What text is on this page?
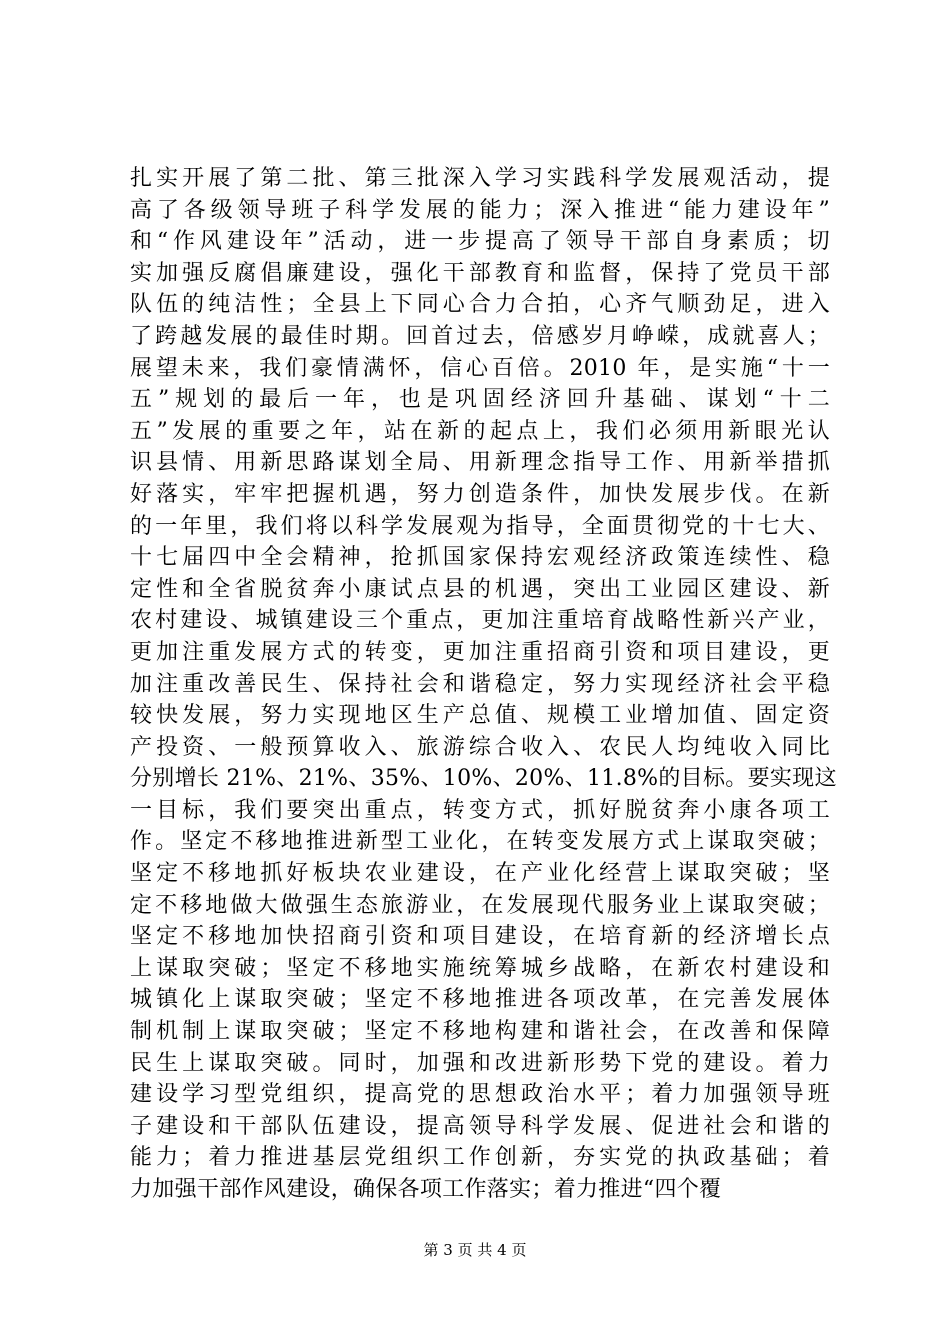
扎实开展了第二批、第三批深入学习实践科学发展观活动，提
高了各级领导班子科学发展的能力；深入推进“能力建设年”
和“作风建设年”活动，进一步提高了领导干部自身素质；切
实加强反腐倡廉建设，强化干部教育和监督，保持了党员干部
队伍的纯洁性；全县上下同心合力合拍，心齐气顺劲足，进入
了跨越发展的最佳时期。回首过去，倍感岁月峥嵘，成就喜人；
展望未来，我们豪情满怀，信心百倍。2010 年，是实施“十一
五”规划的最后一年，也是巩固经济回升基础、谋划“十二
五”发展的重要之年，站在新的起点上，我们必须用新眼光认
识县情、用新思路谋划全局、用新理念指导工作、用新举措抓
好落实，牢牢把握机遇，努力创造条件，加快发展步伐。在新
的一年里，我们将以科学发展观为指导，全面贯彻党的十七大、
十七届四中全会精神，抢抓国家保持宏观经济政策连续性、稳
定性和全省脱贫奔小康试点县的机遇，突出工业园区建设、新
农村建设、城镇建设三个重点，更加注重培育战略性新兴产业，
更加注重发展方式的转变，更加注重招商引资和项目建设，更
加注重改善民生、保持社会和谐稳定，努力实现经济社会平稳
较快发展，努力实现地区生产总值、规模工业增加值、固定资
产投资、一般预算收入、旅游综合收入、农民人均纯收入同比
分别增长 21%、21%、35%、10%、20%、11.8%的目标。要实现这
一目标，我们要突出重点，转变方式，抓好脱贫奔小康各项工
作。坚定不移地推进新型工业化，在转变发展方式上谋取突破；
坚定不移地抓好板块农业建设，在产业化经营上谋取突破；坚
定不移地做大做强生态旅游业，在发展现代服务业上谋取突破；
坚定不移地加快招商引资和项目建设，在培育新的经济增长点
上谋取突破；坚定不移地实施统筹城乡战略，在新农村建设和
城镇化上谋取突破；坚定不移地推进各项改革，在完善发展体
制机制上谋取突破；坚定不移地构建和谐社会，在改善和保障
民生上谋取突破。同时，加强和改进新形势下党的建设。着力
建设学习型党组织，提高党的思想政治水平；着力加强领导班
子建设和干部队伍建设，提高领导科学发展、促进社会和谐的
能力；着力推进基层党组织工作创新，夯实党的执政基础；着
力加强干部作风建设，确保各项工作落实；着力推进“四个覆
第 3 页 共 4 页
